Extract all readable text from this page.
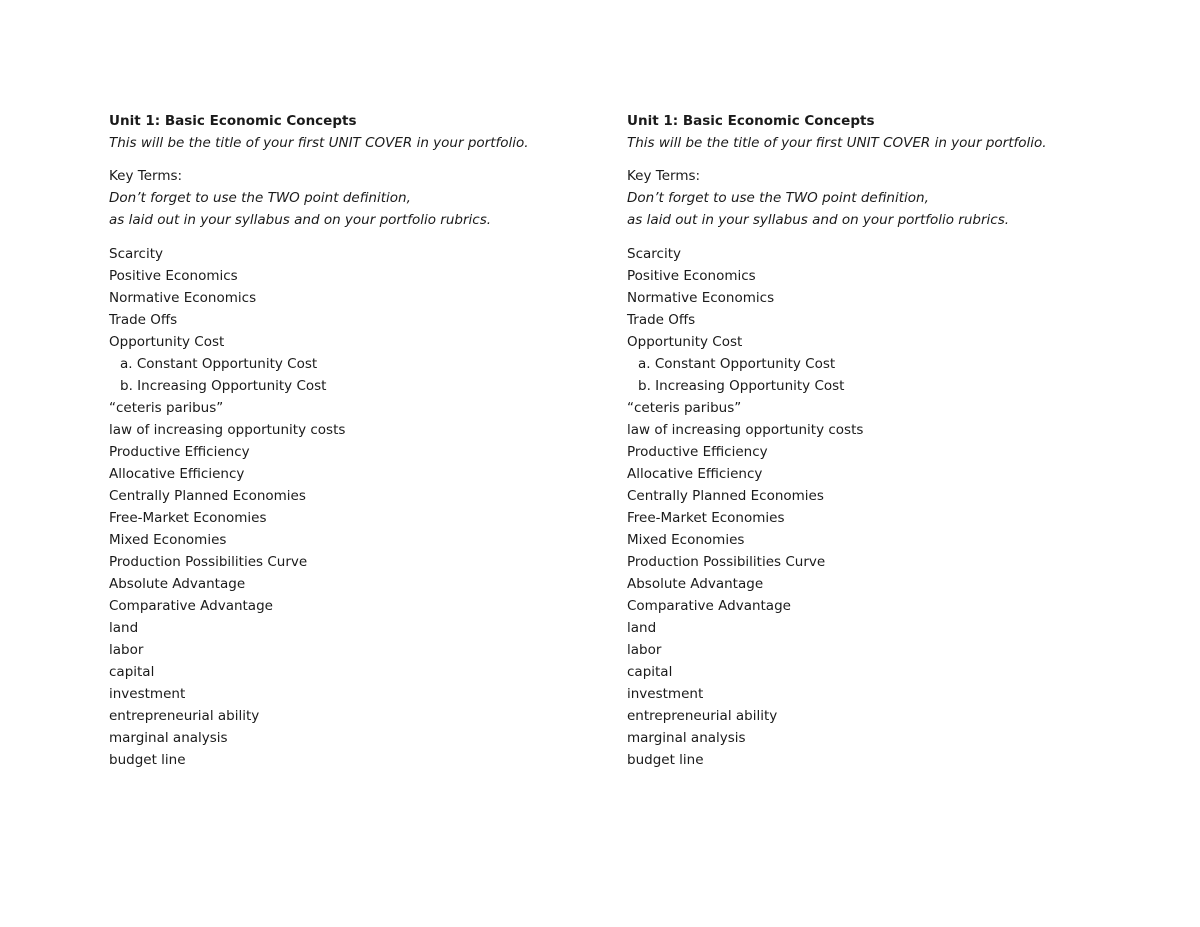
Unit 1: Basic Economic Concepts

This will be the title of your first UNIT COVER in your portfolio.

Key Terms:

Don’t forget to use the TWO point definition,

as laid out in your syllabus and on your portfolio rubrics.

Scarcity
Positive Economics
Normative Economics
Trade Offs
Opportunity Cost
a. Constant Opportunity Cost
b. Increasing Opportunity Cost
“ceteris paribus”
law of increasing opportunity costs
Productive Efficiency
Allocative Efficiency
Centrally Planned Economies
Free-Market Economies
Mixed Economies
Production Possibilities Curve
Absolute Advantage
Comparative Advantage
land
labor
capital
investment
entrepreneurial ability
marginal analysis
budget line

Unit 1: Basic Economic Concepts

This will be the title of your first UNIT COVER in your portfolio.

Key Terms:

Don’t forget to use the TWO point definition,

as laid out in your syllabus and on your portfolio rubrics.

Scarcity
Positive Economics
Normative Economics
Trade Offs
Opportunity Cost
a. Constant Opportunity Cost
b. Increasing Opportunity Cost
“ceteris paribus”
law of increasing opportunity costs
Productive Efficiency
Allocative Efficiency
Centrally Planned Economies
Free-Market Economies
Mixed Economies
Production Possibilities Curve
Absolute Advantage
Comparative Advantage
land
labor
capital
investment
entrepreneurial ability
marginal analysis
budget line
